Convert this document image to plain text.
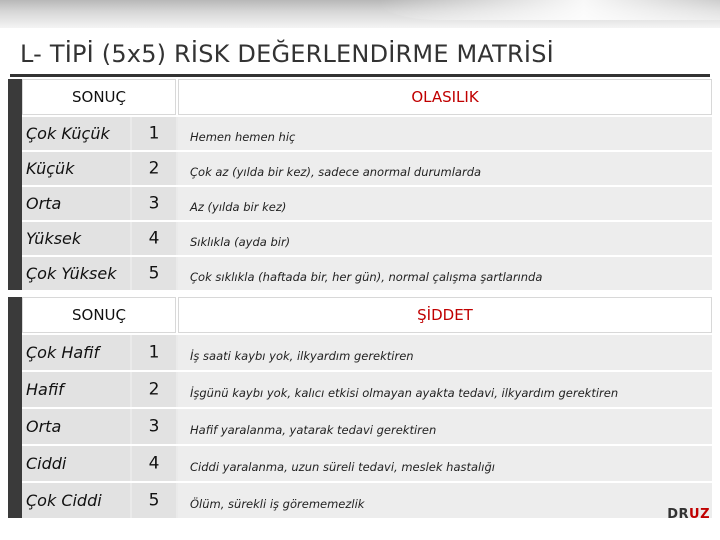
L- TİPİ (5x5) RİSK DEĞERLENDİRME MATRİSİ
SONUÇ	OLASILIK
Çok Küçük	1	Hemen hemen hiç
Küçük	2	Çok az (yılda bir kez), sadece anormal durumlarda
Orta	3	Az (yılda bir kez)
Yüksek	4	Sıklıkla (ayda bir)
Çok Yüksek	5	Çok sıklıkla (haftada bir, her gün), normal çalışma şartlarında
SONUÇ	ŞİDDET
Çok Hafif	1	İş saati kaybı yok, ilkyardım gerektiren
Hafif	2	İşgünü kaybı yok, kalıcı etkisi olmayan ayakta tedavi, ilkyardım gerektiren
Orta	3	Hafif yaralanma, yatarak tedavi gerektiren
Ciddi	4	Ciddi yaralanma, uzun süreli tedavi, meslek hastalığı
Çok Ciddi	5	Ölüm, sürekli iş görememezlik
DRUZ
